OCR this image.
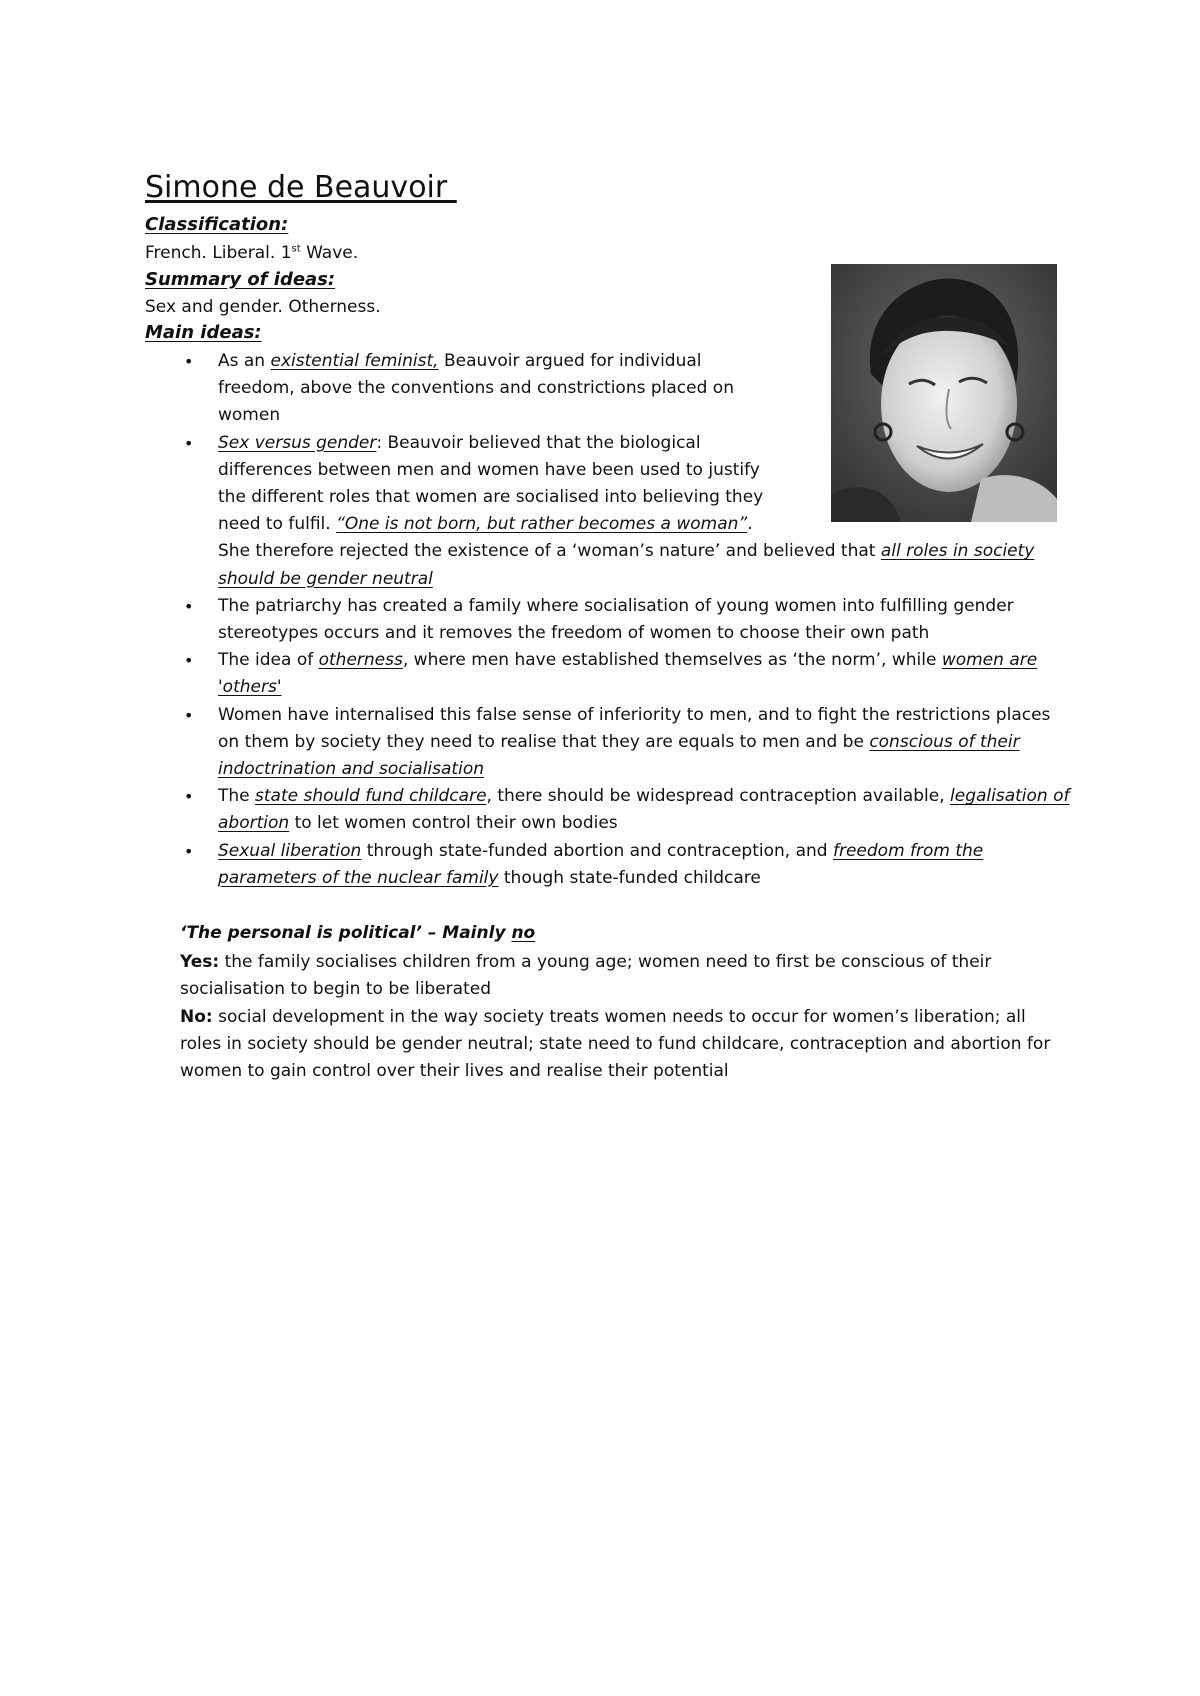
Simone de Beauvoir
Classification:
French. Liberal. 1st Wave.
Summary of ideas:
Sex and gender. Otherness.
Main ideas:
• As an existential feminist, Beauvoir argued for individual
freedom, above the conventions and constrictions placed on
women
• Sex versus gender: Beauvoir believed that the biological
differences between men and women have been used to justify
the different roles that women are socialised into believing they
need to fulfil. “One is not born, but rather becomes a woman”.
She therefore rejected the existence of a ‘woman’s nature’ and believed that all roles in society should be gender neutral
• The patriarchy has created a family where socialisation of young women into fulfilling gender stereotypes occurs and it removes the freedom of women to choose their own path
• The idea of otherness, where men have established themselves as ‘the norm’, while women are 'others'
• Women have internalised this false sense of inferiority to men, and to fight the restrictions places on them by society they need to realise that they are equals to men and be conscious of their indoctrination and socialisation
• The state should fund childcare, there should be widespread contraception available, legalisation of abortion to let women control their own bodies
• Sexual liberation through state-funded abortion and contraception, and freedom from the parameters of the nuclear family though state-funded childcare

‘The personal is political’ – Mainly no

Yes: the family socialises children from a young age; women need to first be conscious of their socialisation to begin to be liberated

No: social development in the way society treats women needs to occur for women’s liberation; all roles in society should be gender neutral; state need to fund childcare, contraception and abortion for women to gain control over their lives and realise their potential
